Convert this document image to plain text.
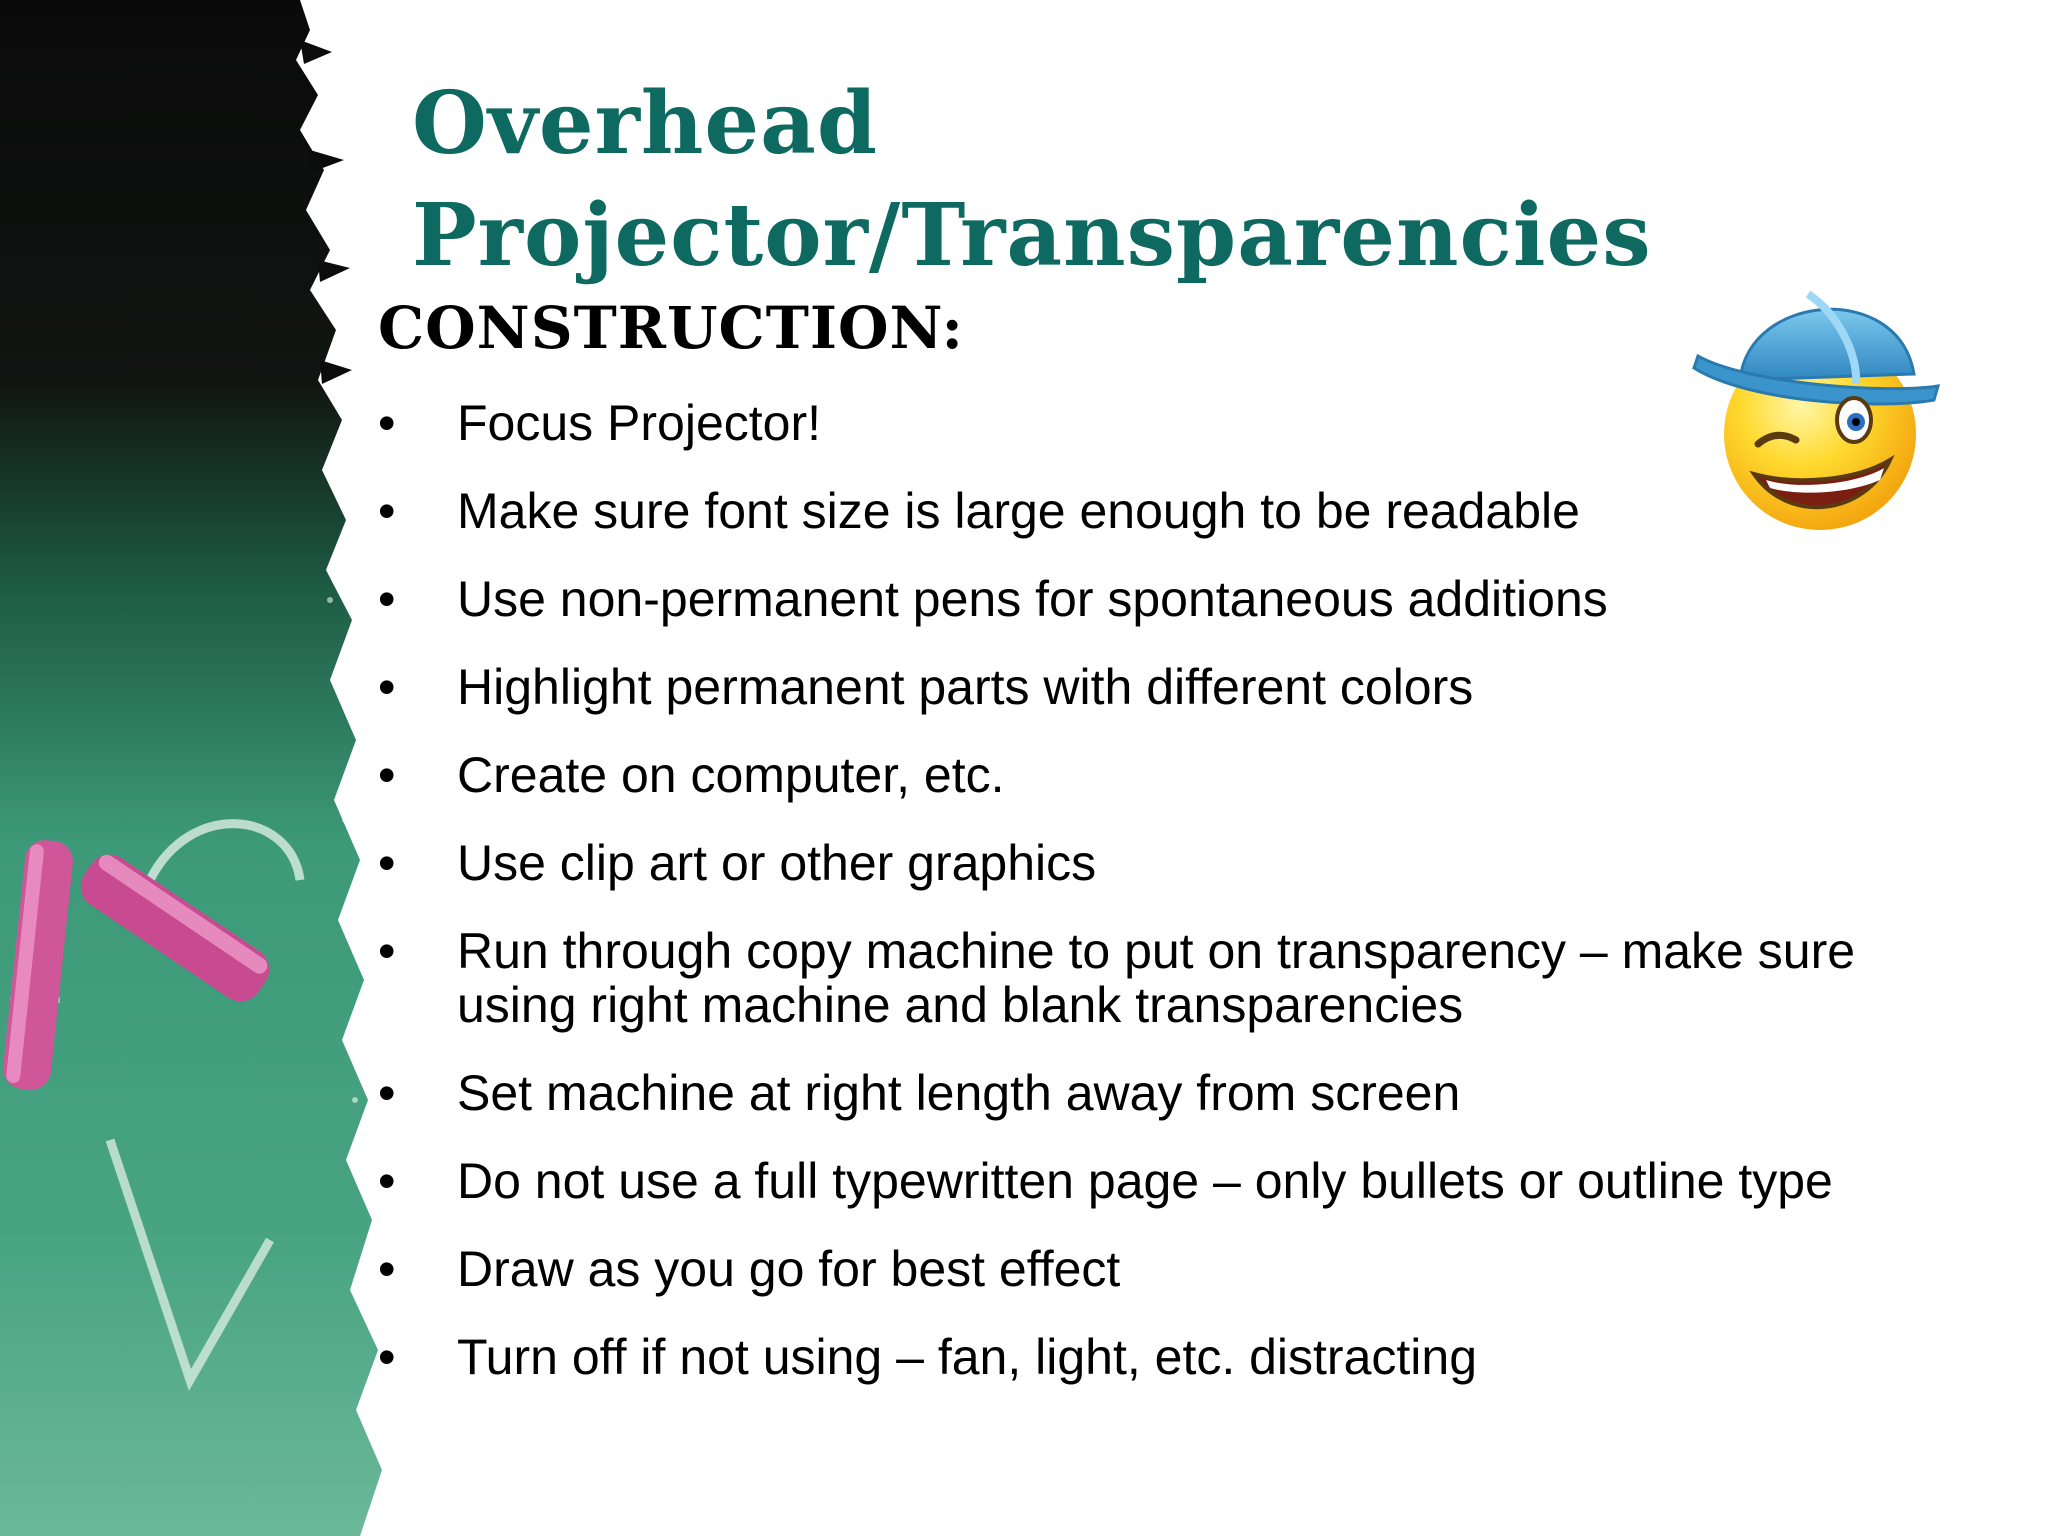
Overhead
Projector/Transparencies
CONSTRUCTION:
• Focus Projector!
• Make sure font size is large enough to be readable
• Use non-permanent pens for spontaneous additions
• Highlight permanent parts with different colors
• Create on computer, etc.
• Use clip art or other graphics
• Run through copy machine to put on transparency – make sure using right machine and blank transparencies
• Set machine at right length away from screen
• Do not use a full typewritten page – only bullets or outline type
• Draw as you go for best effect
• Turn off if not using – fan, light, etc. distracting
